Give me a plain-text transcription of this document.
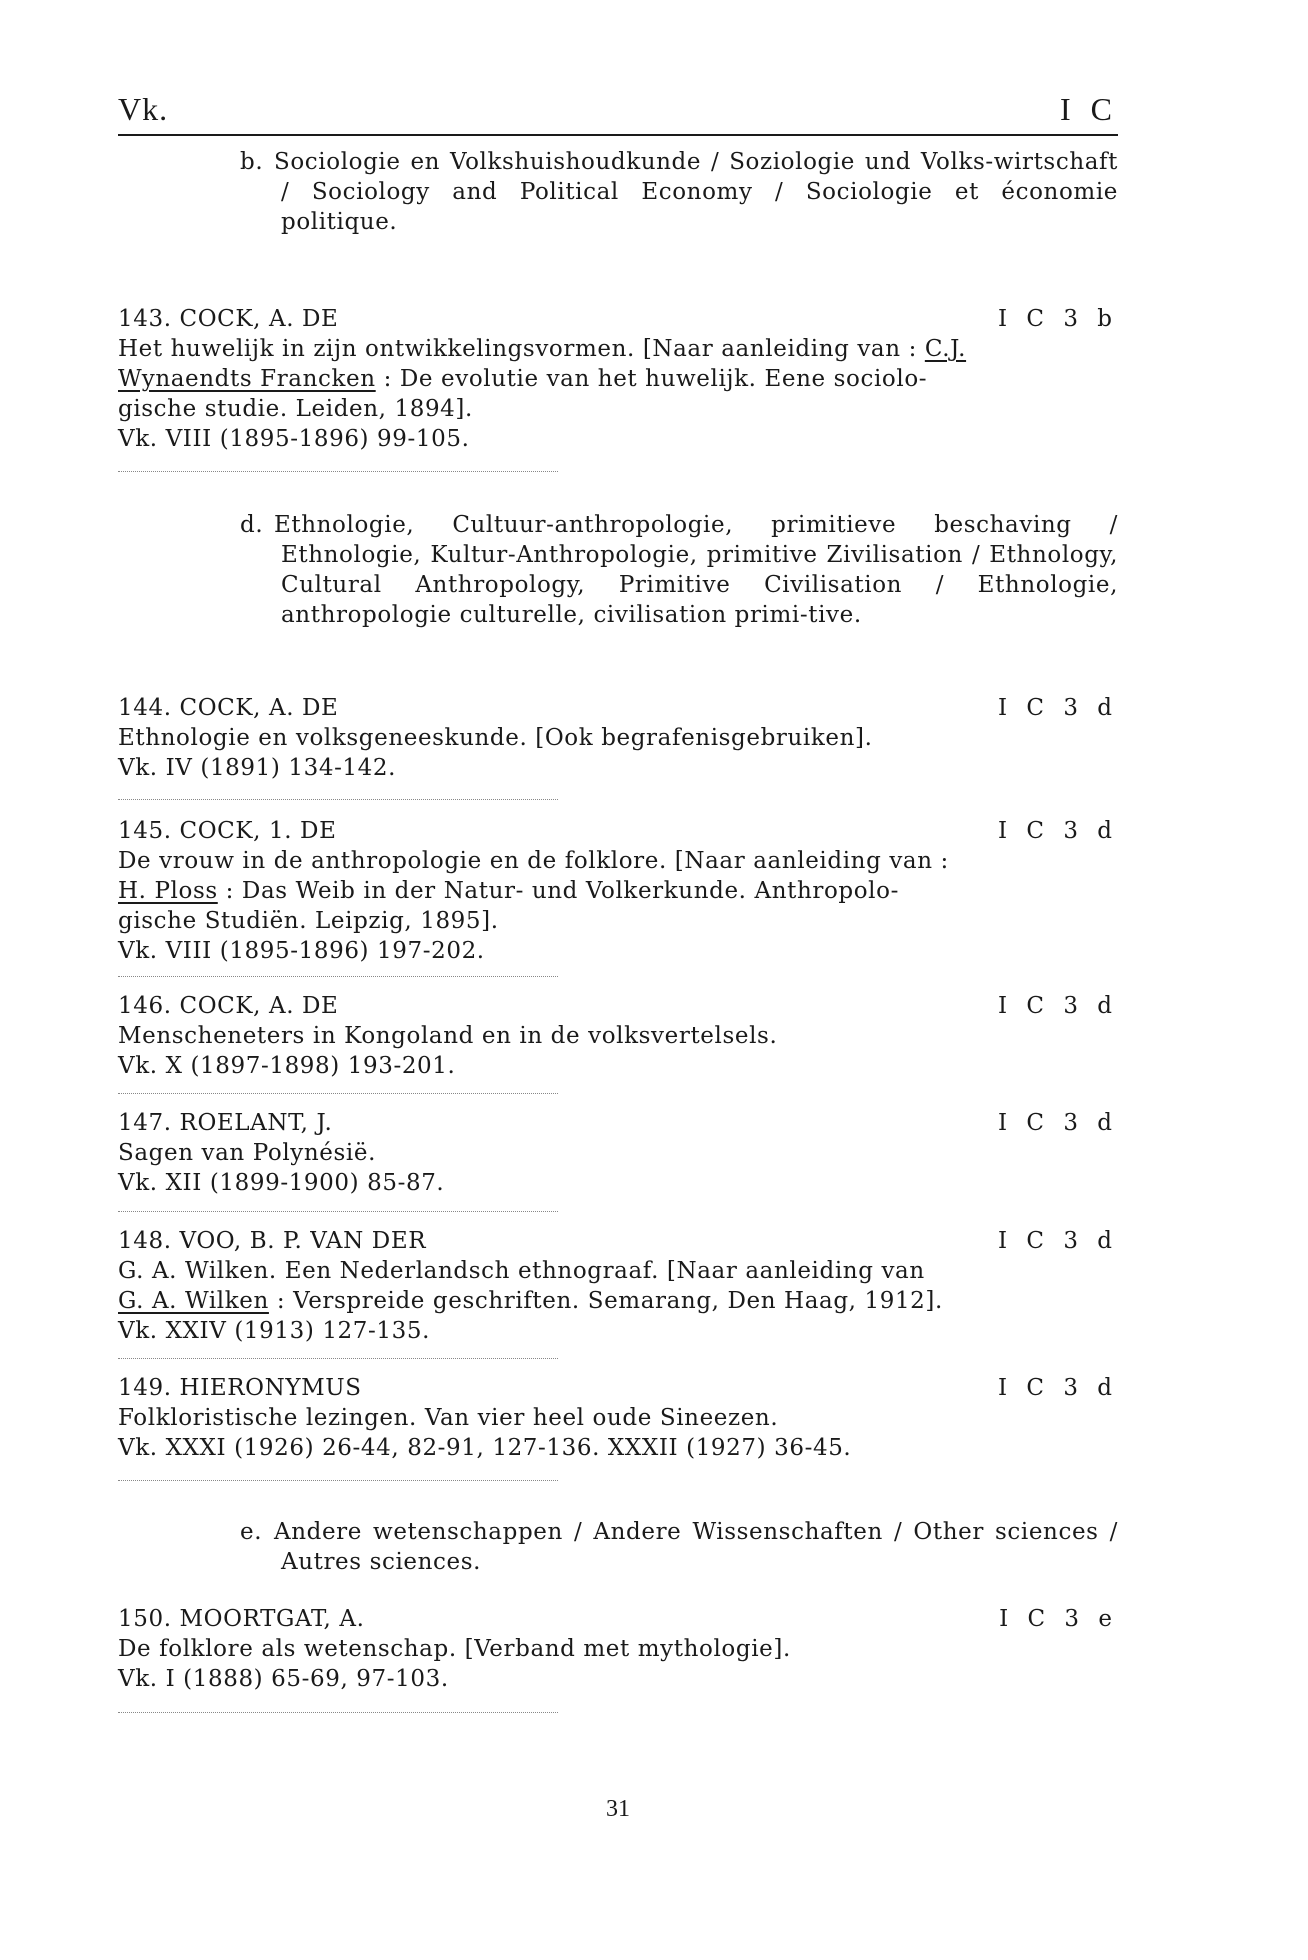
Vk.	I C
b. Sociologie en Volkshuishoudkunde / Soziologie und Volks-wirtschaft / Sociology and Political Economy / Sociologie et économie politique.
143. COCK, A. DE	I C 3 b
Het huwelijk in zijn ontwikkelingsvormen. [Naar aanleiding van : C.J.
Wynaendts Francken : De evolutie van het huwelijk. Eene sociolo-
gische studie. Leiden, 1894].
Vk. VIII (1895-1896) 99-105.
d. Ethnologie, Cultuur-anthropologie, primitieve beschaving / Ethnologie, Kultur-Anthropologie, primitive Zivilisation / Ethnology, Cultural Anthropology, Primitive Civilisation / Ethnologie, anthropologie culturelle, civilisation primi-tive.
144. COCK, A. DE	I C 3 d
Ethnologie en volksgeneeskunde. [Ook begrafenisgebruiken].
Vk. IV (1891) 134-142.
145. COCK, 1. DE	I C 3 d
De vrouw in de anthropologie en de folklore. [Naar aanleiding van :
H. Ploss : Das Weib in der Natur- und Volkerkunde. Anthropolo-
gische Studiën. Leipzig, 1895].
Vk. VIII (1895-1896) 197-202.
146. COCK, A. DE	I C 3 d
Menscheneters in Kongoland en in de volksvertelsels.
Vk. X (1897-1898) 193-201.
147. ROELANT, J.	I C 3 d
Sagen van Polynésië.
Vk. XII (1899-1900) 85-87.
148. VOO, B. P. VAN DER	I C 3 d
G. A. Wilken. Een Nederlandsch ethnograaf. [Naar aanleiding van
G. A. Wilken : Verspreide geschriften. Semarang, Den Haag, 1912].
Vk. XXIV (1913) 127-135.
149. HIERONYMUS	I C 3 d
Folkloristische lezingen. Van vier heel oude Sineezen.
Vk. XXXI (1926) 26-44, 82-91, 127-136. XXXII (1927) 36-45.
e. Andere wetenschappen / Andere Wissenschaften / Other sciences / Autres sciences.
150. MOORTGAT, A.	I C 3 e
De folklore als wetenschap. [Verband met mythologie].
Vk. I (1888) 65-69, 97-103.
31
